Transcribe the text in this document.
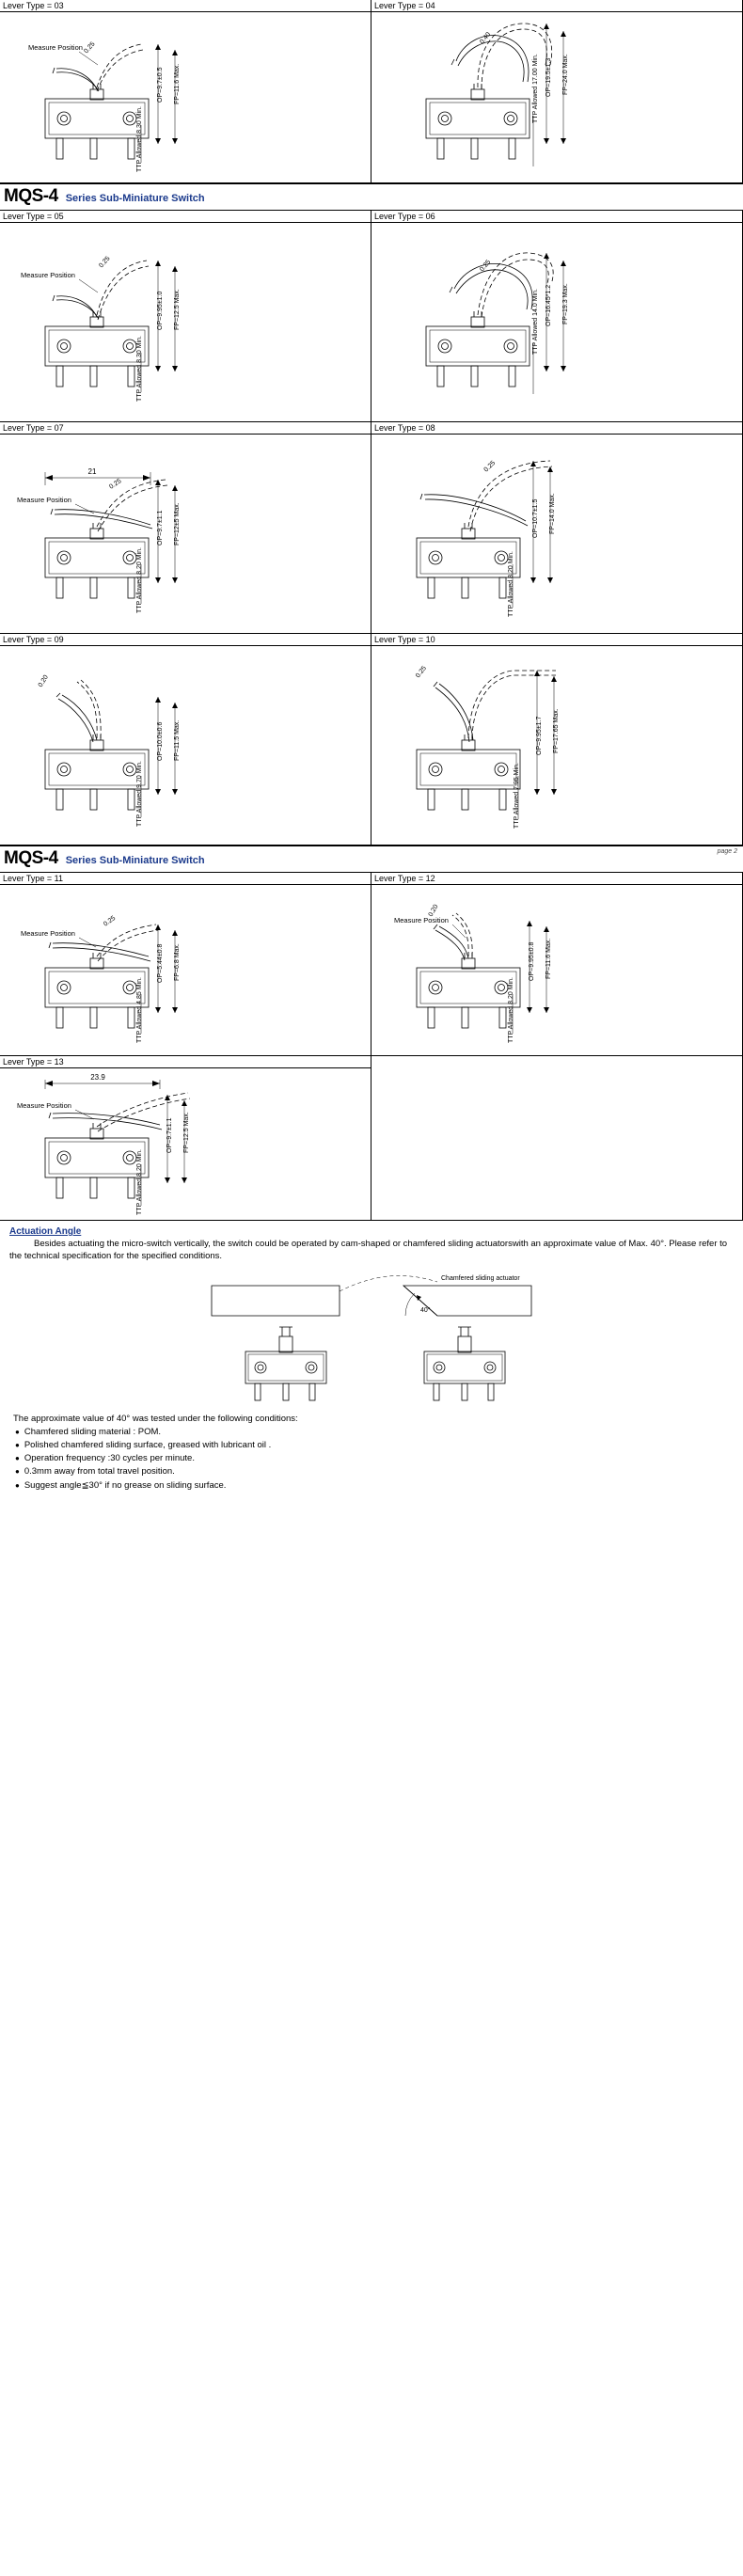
Lever Type = 03
Measure Position 0.25
OP=9.7±0.5 FP=11.6 Max.
TTP Allowed 8.30 Min.
Lever Type = 04
0.40
TTP Allowed 17.00 Min. OP=19.5±1.3 FP=24.0 Max.
MQS-4 Series Sub-Miniature Switch
Lever Type = 05
Measure Position
0.25
OP=9.95±1.0 FP=12.5 Max.
TTP Allowed 8.30 Min.
Lever Type = 06
0.25
TTP Allowed 14.0 Min. OP=16.45*1.2 FP=19.3 Max.
Lever Type = 07
21
Measure Position
0.25
OP=9.7±1.1 FP=12±5 Max.
TTP Allowed 8.20 Min.
Lever Type = 08
0.25
OP=10.7±1.5 FP=14.0 Max.
TTP Allowed 8.20 Min.
Lever Type = 09
0.20
OP=10.0±0.6 FP=11.5 Max.
TTP Allowed 9.70 Min.
Lever Type = 10
0.25
OP=9.95±1.7 FP=17.65 Max.
TTP Allowed 7.95 Min.
MQS-4 Series Sub-Miniature Switch
page 2
Lever Type = 11
Measure Position
0.25
OP=5.44±0.8 FP=6.8 Max.
TTP Allowed 4.85 Min.
Lever Type = 12
Measure Position
0.20
OP=9.95±0.8 FP=11.6 Max.
TTP Allowed 8.20 Min.
Lever Type = 13
23.9
Measure Position
OP=9.7±1.1 FP=12.5 Max.
TTP Allowed 8.20 Min.
Actuation Angle

Besides actuating the micro-switch vertically, the switch could be operated by cam-shaped or chamfered sliding actuatorswith an approximate value of Max. 40°. Please refer to the technical specification for the specified conditions.

Chamfered sliding actuator
40°
The approximate value of 40° was tested under the following conditions:
● Chamfered sliding material : POM.
● Polished chamfered sliding surface, greased with lubricant oil .
● Operation frequency :30 cycles per minute.
● 0.3mm away from total travel position.
● Suggest angle≦30° if no grease on sliding surface.
